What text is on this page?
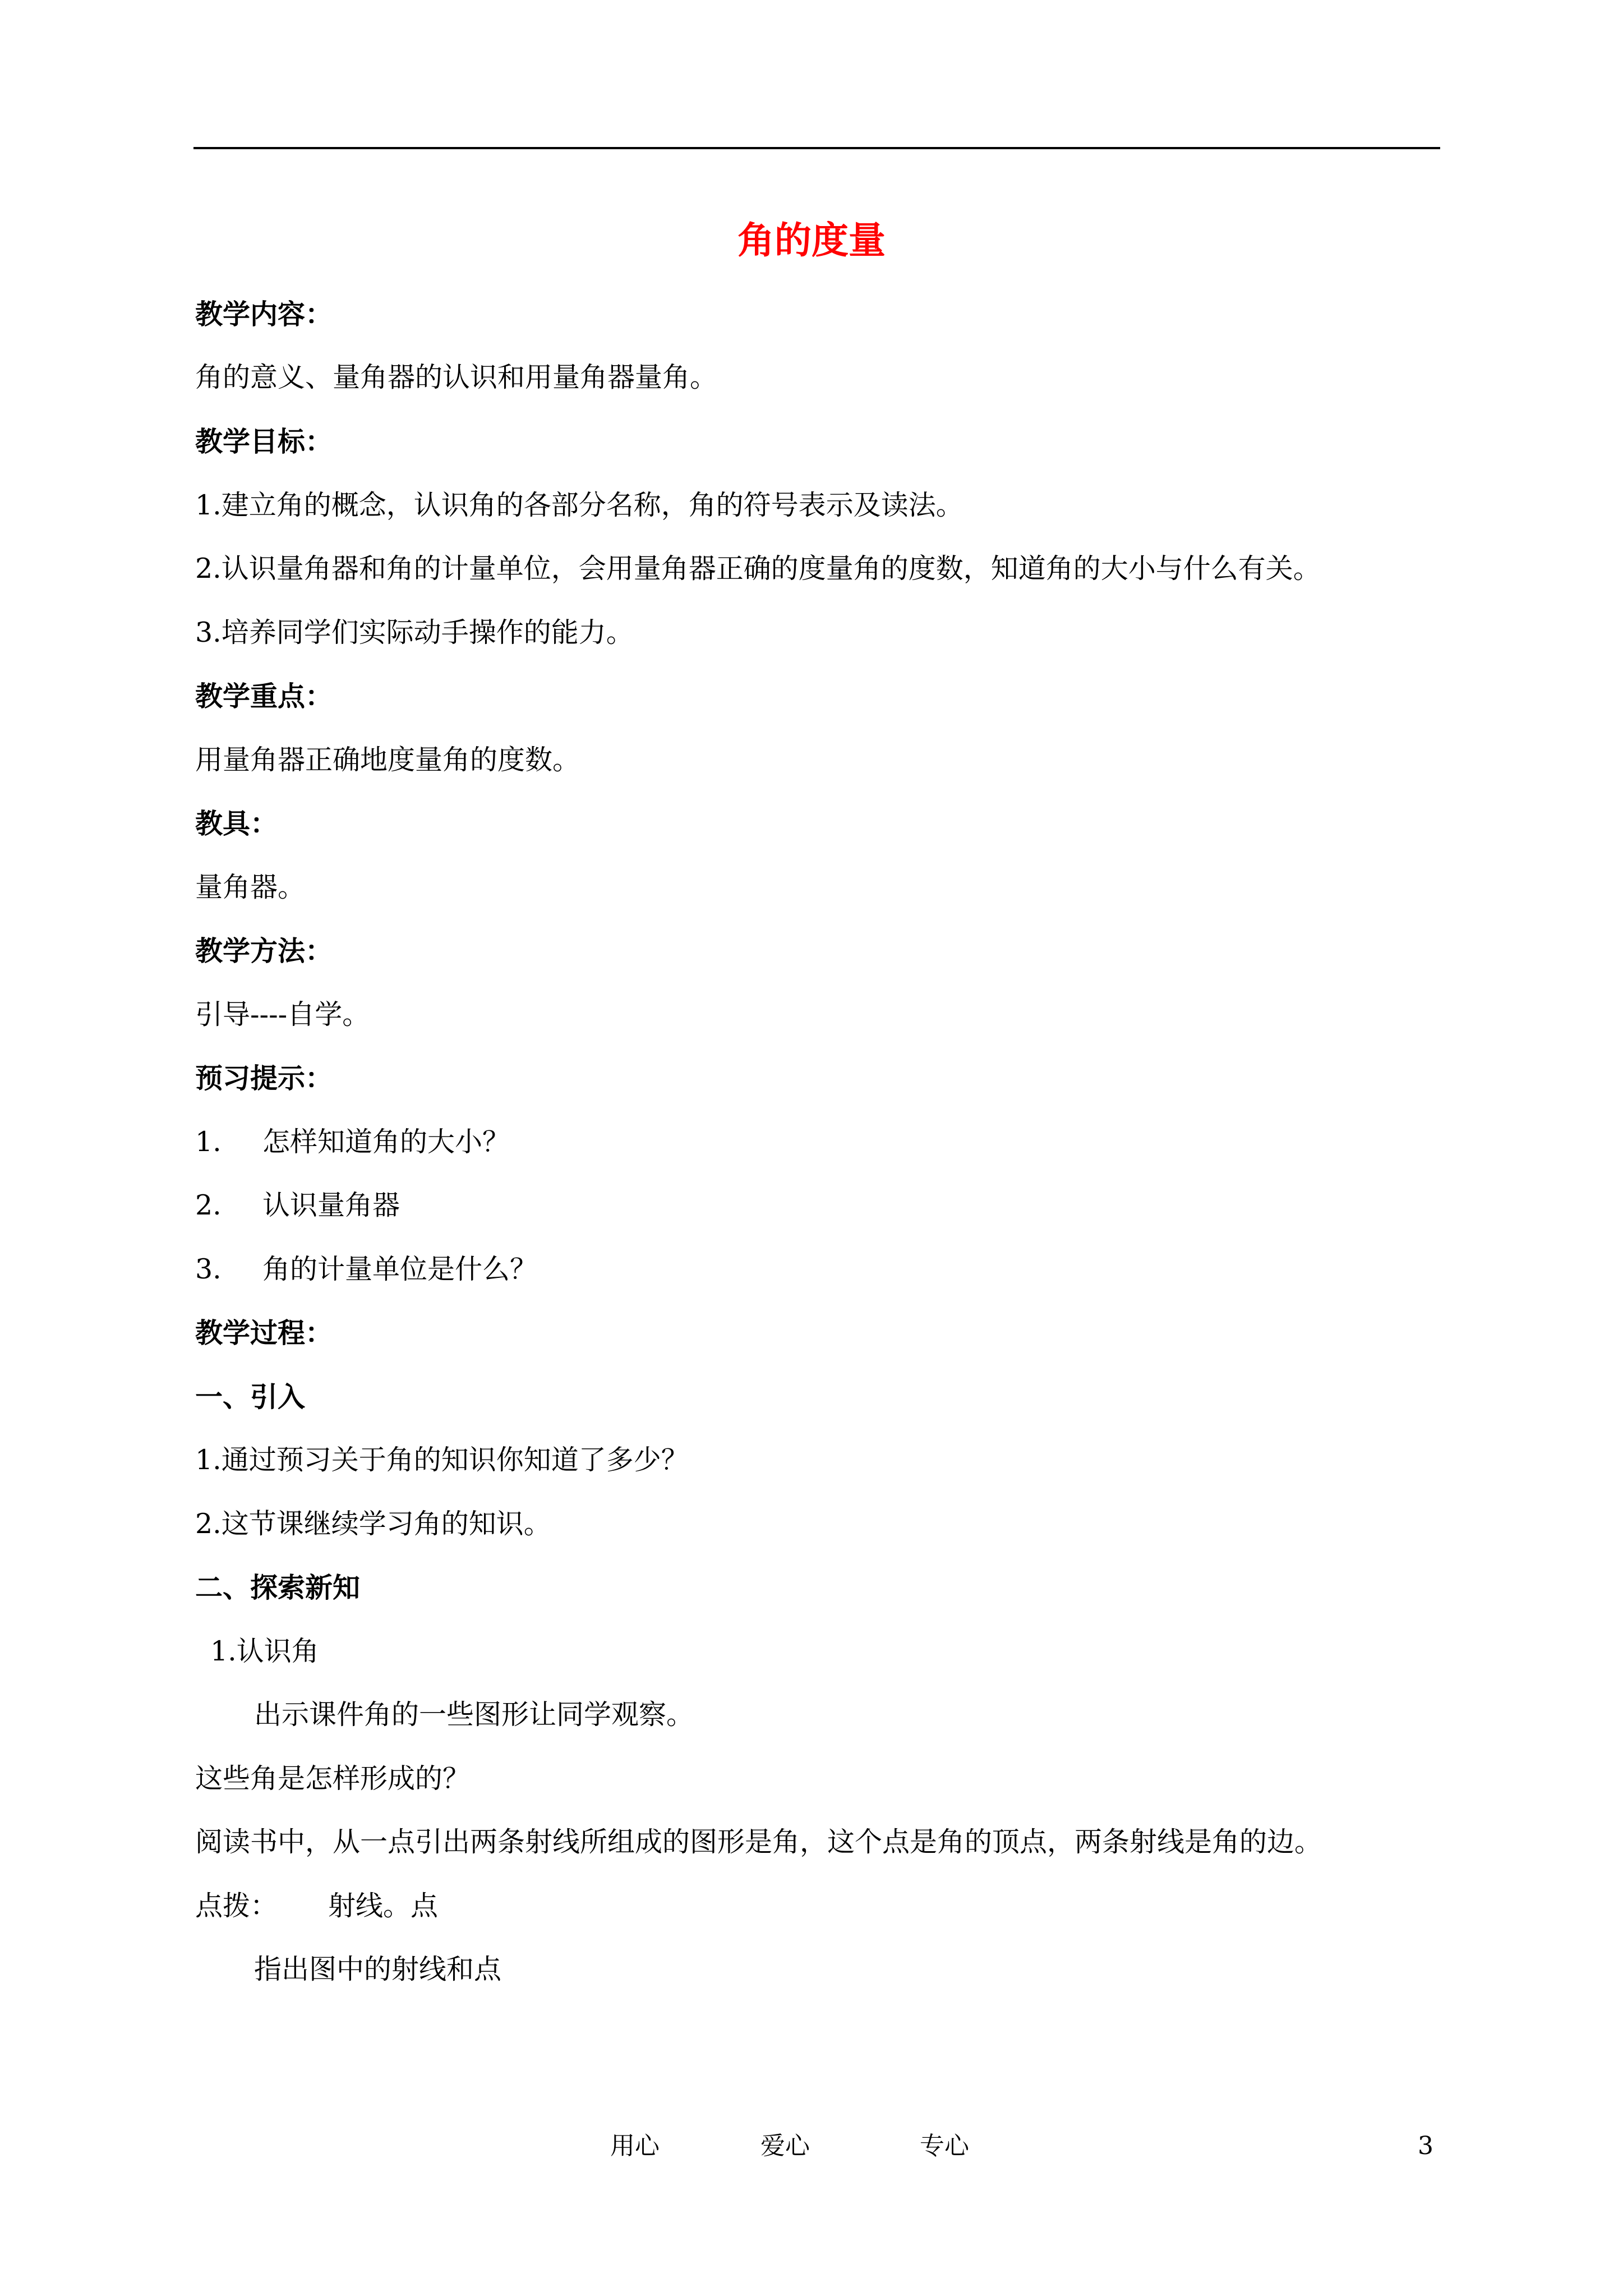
角的度量
教学内容：
角的意义、量角器的认识和用量角器量角。
教学目标：
1.建立角的概念，认识角的各部分名称，角的符号表示及读法。
2.认识量角器和角的计量单位，会用量角器正确的度量角的度数，知道角的大小与什么有关。
3.培养同学们实际动手操作的能力。
教学重点：
用量角器正确地度量角的度数。
教具：
量角器。
教学方法：
引导----自学。
预习提示：
1. 怎样知道角的大小？
2. 认识量角器
3. 角的计量单位是什么？
教学过程：
一、引入
1.通过预习关于角的知识你知道了多少？
2.这节课继续学习角的知识。
二、探索新知
1.认识角
出示课件角的一些图形让同学观察。
这些角是怎样形成的？
阅读书中，从一点引出两条射线所组成的图形是角，这个点是角的顶点，两条射线是角的边。
点拨： 射线。点
指出图中的射线和点
用心	爱心	专心	3
